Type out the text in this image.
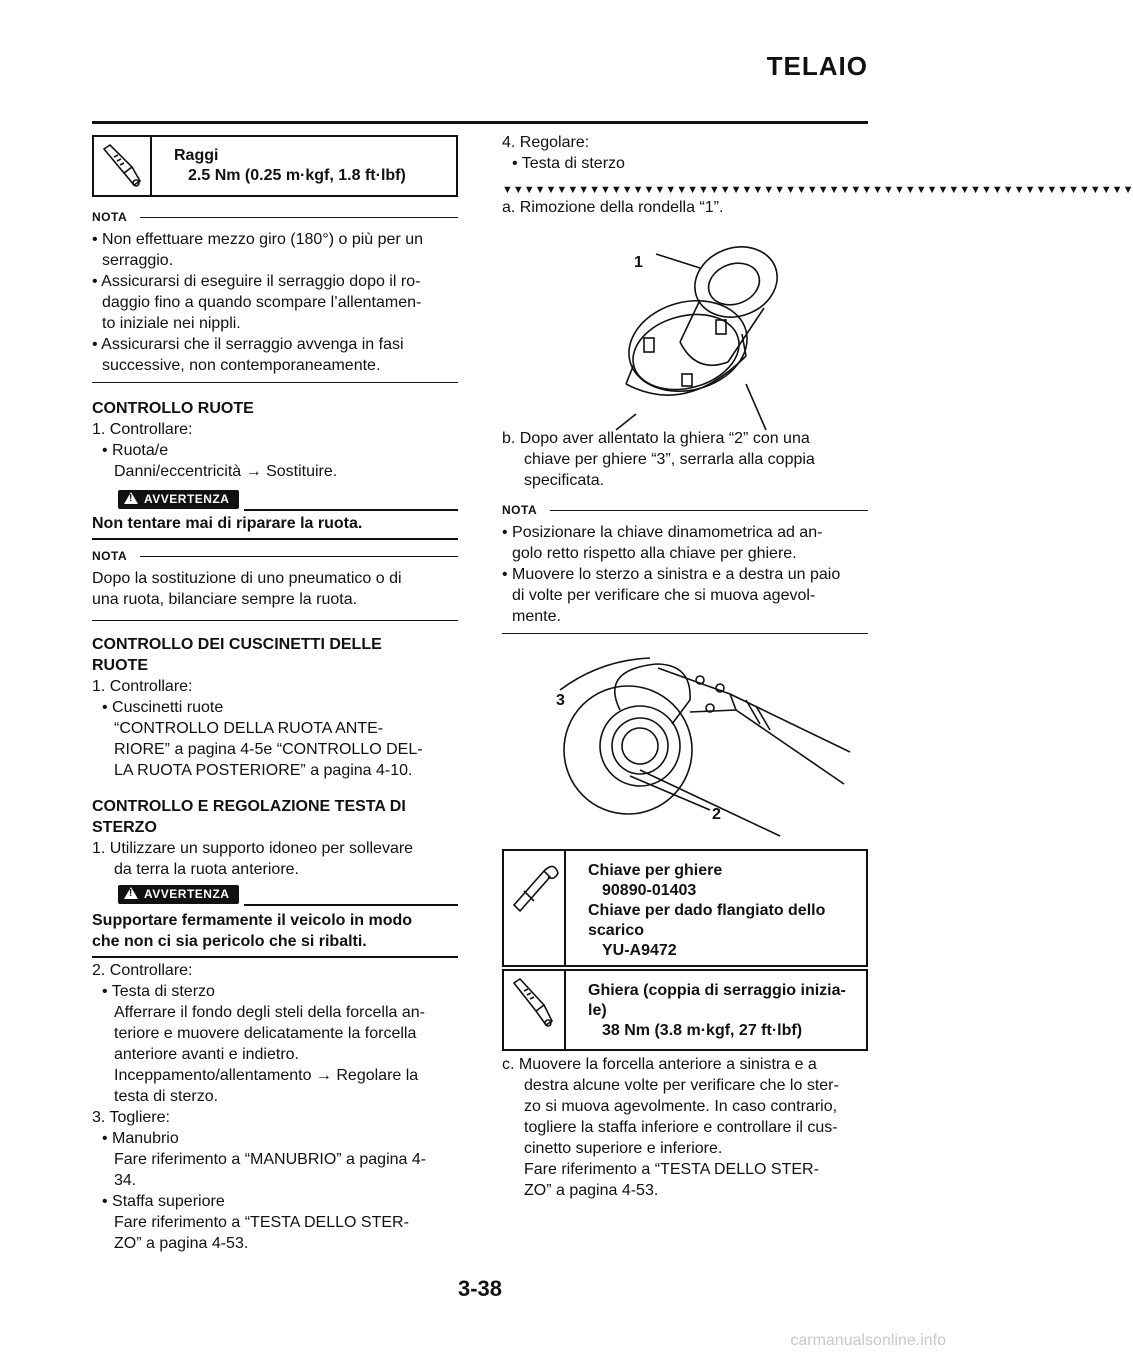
TELAIO
Raggi
2.5 Nm (0.25 m·kgf, 1.8 ft·lbf)
NOTA
• Non effettuare mezzo giro (180°) o più per un
serraggio.
• Assicurarsi di eseguire il serraggio dopo il ro-
daggio fino a quando scompare l’allentamen-
to iniziale nei nippli.
• Assicurarsi che il serraggio avvenga in fasi
successive, non contemporaneamente.
CONTROLLO RUOTE
1. Controllare:
• Ruota/e
Danni/eccentricità → Sostituire.
! AVVERTENZA
Non tentare mai di riparare la ruota.
NOTA
Dopo la sostituzione di uno pneumatico o di
una ruota, bilanciare sempre la ruota.
CONTROLLO DEI CUSCINETTI DELLE
RUOTE
1. Controllare:
• Cuscinetti ruote
“CONTROLLO DELLA RUOTA ANTE-
RIORE” a pagina 4-5e “CONTROLLO DEL-
LA RUOTA POSTERIORE” a pagina 4-10.
CONTROLLO E REGOLAZIONE TESTA DI
STERZO
1. Utilizzare un supporto idoneo per sollevare
da terra la ruota anteriore.
! AVVERTENZA
Supportare fermamente il veicolo in modo
che non ci sia pericolo che si ribalti.
2. Controllare:
• Testa di sterzo
Afferrare il fondo degli steli della forcella an-
teriore e muovere delicatamente la forcella
anteriore avanti e indietro.
Inceppamento/allentamento → Regolare la
testa di sterzo.
3. Togliere:
• Manubrio
Fare riferimento a “MANUBRIO” a pagina 4-
34.
• Staffa superiore
Fare riferimento a “TESTA DELLO STER-
ZO” a pagina 4-53.
4. Regolare:
• Testa di sterzo
▼▼▼▼▼▼▼▼▼▼▼▼▼▼▼▼▼▼▼▼▼▼▼▼▼▼▼▼▼▼▼▼▼▼▼▼▼▼▼▼▼▼▼▼▼▼▼▼▼▼▼▼▼▼▼▼▼▼
a. Rimozione della rondella “1”.
1
b. Dopo aver allentato la ghiera “2” con una
chiave per ghiere “3”, serrarla alla coppia
specificata.
NOTA
• Posizionare la chiave dinamometrica ad an-
golo retto rispetto alla chiave per ghiere.
• Muovere lo sterzo a sinistra e a destra un paio
di volte per verificare che si muova agevol-
mente.
3
2
Chiave per ghiere
90890-01403
Chiave per dado flangiato dello
scarico
YU-A9472
Ghiera (coppia di serraggio inizia-
le)
38 Nm (3.8 m·kgf, 27 ft·lbf)
c. Muovere la forcella anteriore a sinistra e a
destra alcune volte per verificare che lo ster-
zo si muova agevolmente. In caso contrario,
togliere la staffa inferiore e controllare il cus-
cinetto superiore e inferiore.
Fare riferimento a “TESTA DELLO STER-
ZO” a pagina 4-53.
3-38
carmanualsonline.info
